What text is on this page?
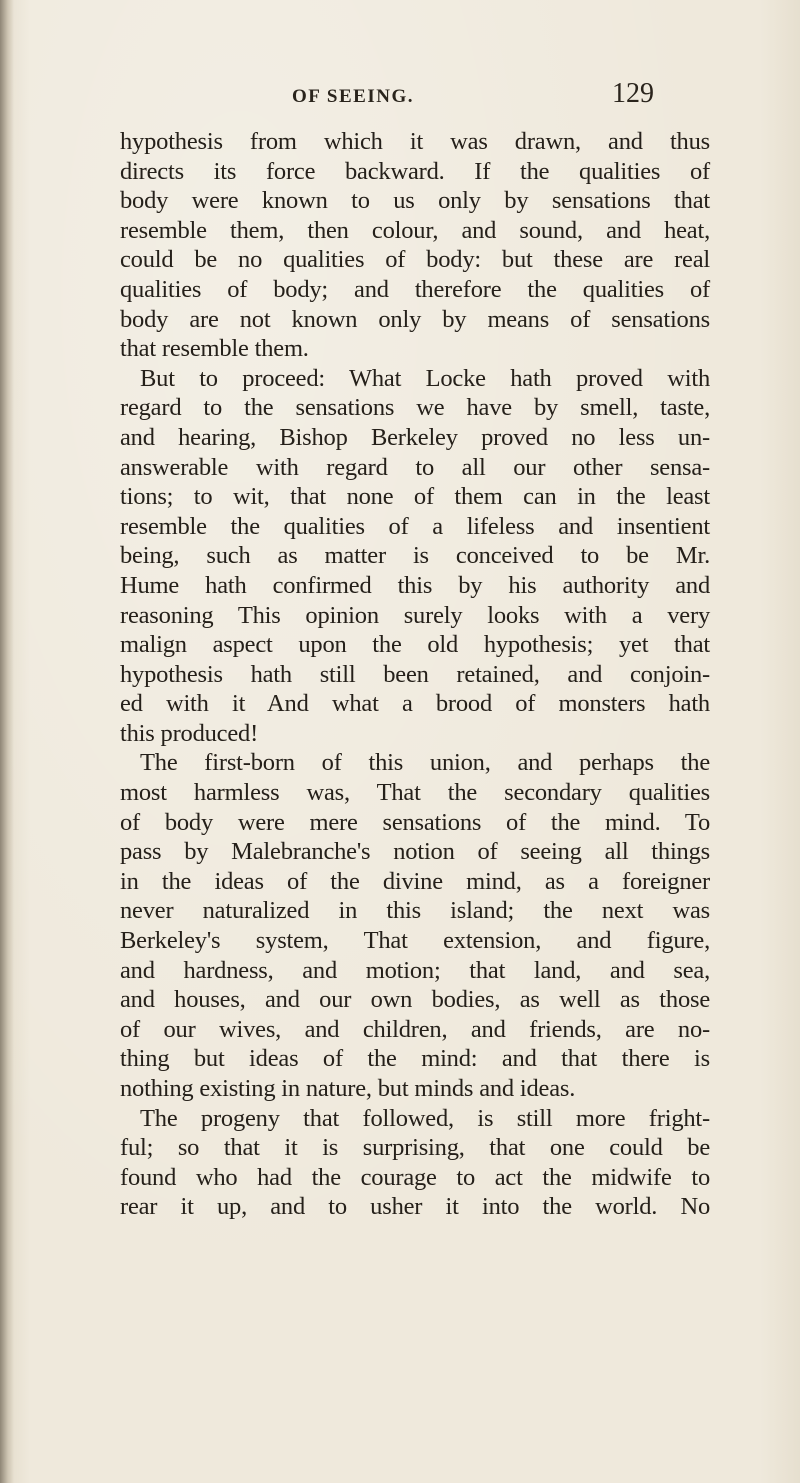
OF SEEING.	129
hypothesis from which it was drawn, and thus
directs its force backward. If the qualities of
body were known to us only by sensations that
resemble them, then colour, and sound, and heat,
could be no qualities of body: but these are real
qualities of body; and therefore the qualities of
body are not known only by means of sensations
that resemble them.
But to proceed: What Locke hath proved with
regard to the sensations we have by smell, taste,
and hearing, Bishop Berkeley proved no less un-
answerable with regard to all our other sensa-
tions; to wit, that none of them can in the least
resemble the qualities of a lifeless and insentient
being, such as matter is conceived to be Mr.
Hume hath confirmed this by his authority and
reasoning This opinion surely looks with a very
malign aspect upon the old hypothesis; yet that
hypothesis hath still been retained, and conjoin-
ed with it And what a brood of monsters hath
this produced!
The first-born of this union, and perhaps the
most harmless was, That the secondary qualities
of body were mere sensations of the mind. To
pass by Malebranche's notion of seeing all things
in the ideas of the divine mind, as a foreigner
never naturalized in this island; the next was
Berkeley's system, That extension, and figure,
and hardness, and motion; that land, and sea,
and houses, and our own bodies, as well as those
of our wives, and children, and friends, are no-
thing but ideas of the mind: and that there is
nothing existing in nature, but minds and ideas.
The progeny that followed, is still more fright-
ful; so that it is surprising, that one could be
found who had the courage to act the midwife to
rear it up, and to usher it into the world. No
